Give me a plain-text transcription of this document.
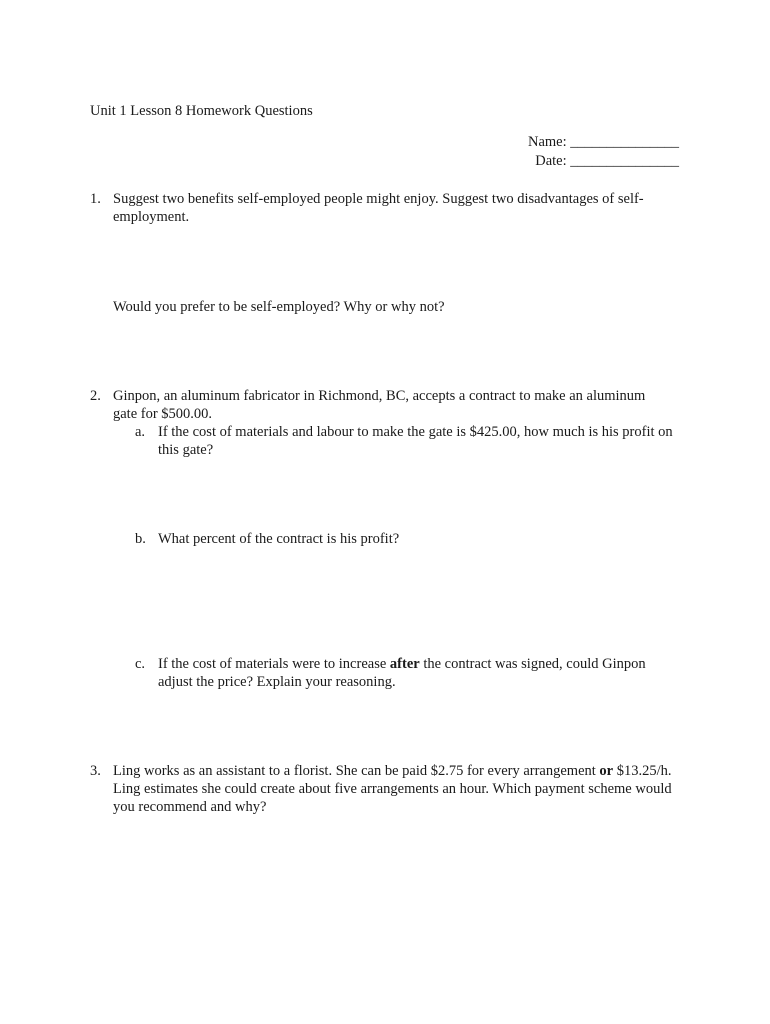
Unit 1 Lesson 8 Homework Questions
Name: _______________
Date: _______________
1. Suggest two benefits self-employed people might enjoy. Suggest two disadvantages of self-employment.
Would you prefer to be self-employed? Why or why not?
2. Ginpon, an aluminum fabricator in Richmond, BC, accepts a contract to make an aluminum gate for $500.00.
a. If the cost of materials and labour to make the gate is $425.00, how much is his profit on this gate?
b. What percent of the contract is his profit?
c. If the cost of materials were to increase after the contract was signed, could Ginpon adjust the price? Explain your reasoning.
3. Ling works as an assistant to a florist. She can be paid $2.75 for every arrangement or $13.25/h. Ling estimates she could create about five arrangements an hour. Which payment scheme would you recommend and why?
